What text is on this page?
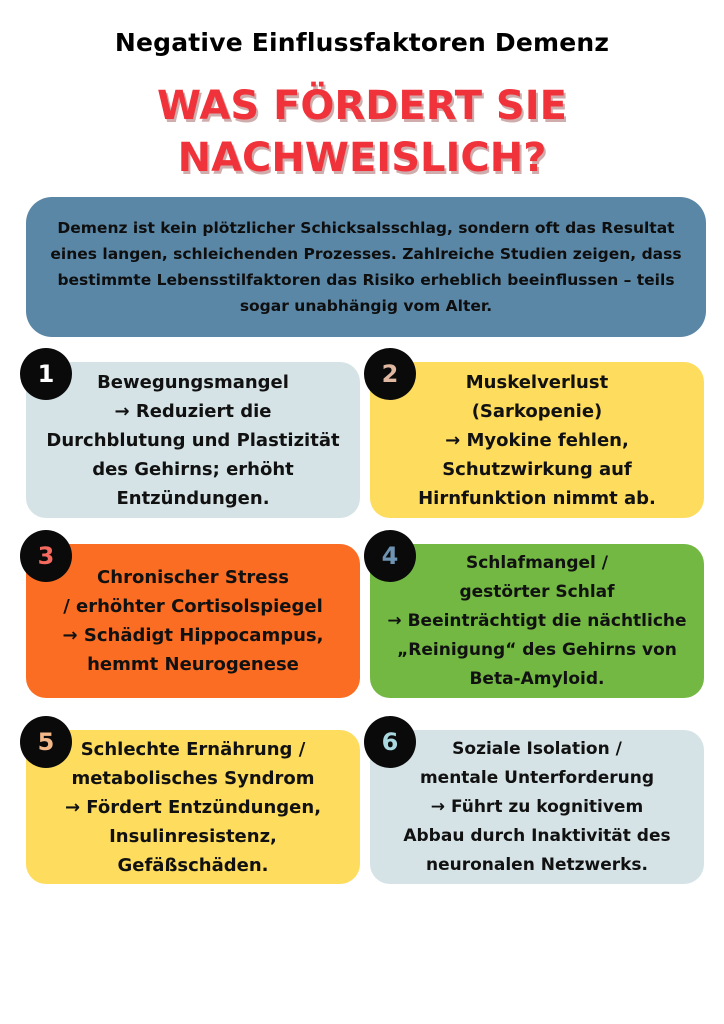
Negative Einflussfaktoren Demenz
WAS FÖRDERT SIE
NACHWEISLICH?
Demenz ist kein plötzlicher Schicksalsschlag, sondern oft das Resultat eines langen, schleichenden Prozesses. Zahlreiche Studien zeigen, dass bestimmte Lebensstilfaktoren das Risiko erheblich beeinflussen – teils sogar unabhängig vom Alter.
1	Bewegungsmangel
→ Reduziert die
Durchblutung und Plastizität
des Gehirns; erhöht
Entzündungen.
2	Muskelverlust
(Sarkopenie)
→ Myokine fehlen,
Schutzwirkung auf
Hirnfunktion nimmt ab.
3
Chronischer Stress
/ erhöhter Cortisolspiegel
→ Schädigt Hippocampus,
hemmt Neurogenese
4	Schlafmangel /
gestörter Schlaf
→ Beeinträchtigt die nächtliche
„Reinigung“ des Gehirns von
Beta-Amyloid.
5	Schlechte Ernährung /
metabolisches Syndrom
→ Fördert Entzündungen,
Insulinresistenz,
Gefäßschäden.
6	Soziale Isolation /
mentale Unterforderung
→ Führt zu kognitivem
Abbau durch Inaktivität des
neuronalen Netzwerks.
